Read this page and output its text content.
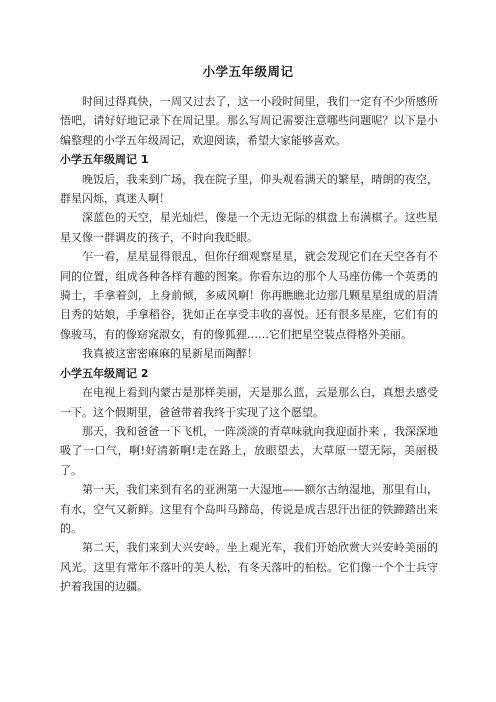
小学五年级周记

时间过得真快，一周又过去了，这一小段时间里，我们一定有不少所感所悟吧，请好好地记录下在周记里。那么写周记需要注意哪些问题呢？以下是小编整理的小学五年级周记，欢迎阅读，希望大家能够喜欢。

小学五年级周记 1

晚饭后，我来到广场，我在院子里，仰头观看满天的繁星，晴朗的夜空，群星闪烁，真迷人啊！

深蓝色的天空，星光灿烂，像是一个无边无际的棋盘上布满棋子。这些星星又像一群调皮的孩子，不时向我眨眼。

乍一看，星星显得很乱，但你仔细观察星星，就会发现它们在天空各有不同的位置，组成各种各样有趣的图案。你看东边的那个人马座仿佛一个英勇的骑士，手拿着剑，上身前倾，多威风啊！你再瞧瞧北边那几颗星星组成的眉清目秀的姑娘，手拿稻谷，犹如正在享受丰收的喜悦。还有很多星座，它们有的像骏马，有的像窈窕淑女，有的像狐狸……它们把星空装点得格外美丽。

我真被这密密麻麻的星新星而陶醉！

小学五年级周记 2

在电视上看到内蒙古是那样美丽，天是那么蓝，云是那么白，真想去感受一下。这个假期里，爸爸带着我终于实现了这个愿望。

那天，我和爸爸一下飞机，一阵淡淡的青草味就向我迎面扑来 ，我深深地吸了一口气，啊!好清新啊!走在路上，放眼望去，大草原一望无际，美丽极了。

第一天，我们来到有名的亚洲第一大湿地——额尔古纳湿地，那里有山，有水，空气又新鲜。这里有个岛叫马蹄岛，传说是成吉思汗出征的铁蹄踏出来的。

第二天，我们来到大兴安岭。坐上观光车，我们开始欣赏大兴安岭美丽的风光。这里有常年不落叶的美人松，有冬天落叶的柏松。它们像一个个士兵守护着我国的边疆。
